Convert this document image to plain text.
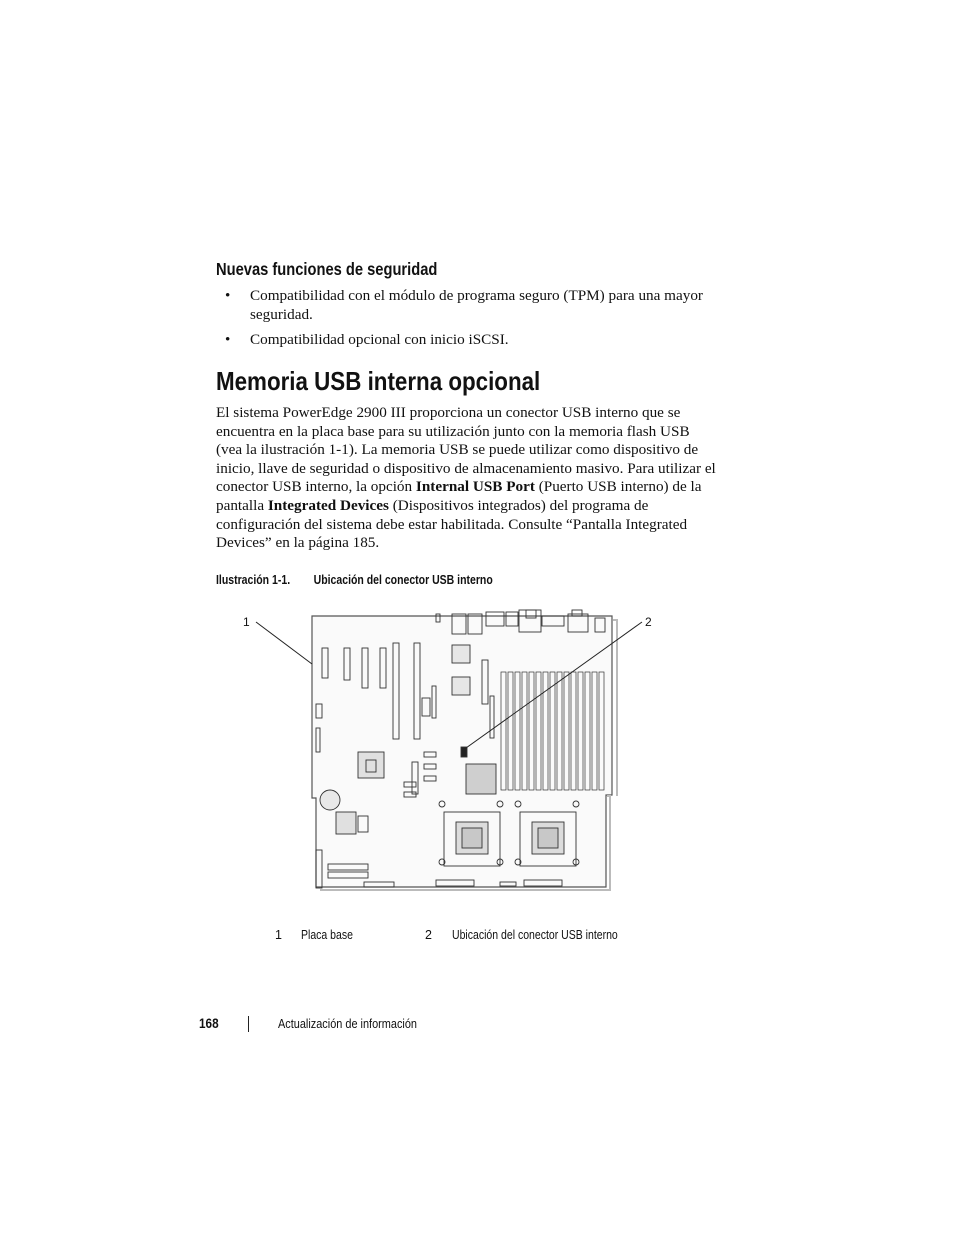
Nuevas funciones de seguridad
• Compatibilidad con el módulo de programa seguro (TPM) para una mayor seguridad.
• Compatibilidad opcional con inicio iSCSI.
Memoria USB interna opcional
El sistema PowerEdge 2900 III proporciona un conector USB interno que se encuentra en la placa base para su utilización junto con la memoria flash USB (vea la ilustración 1-1). La memoria USB se puede utilizar como dispositivo de inicio, llave de seguridad o dispositivo de almacenamiento masivo. Para utilizar el conector USB interno, la opción Internal USB Port (Puerto USB interno) de la pantalla Integrated Devices (Dispositivos integrados) del programa de configuración del sistema debe estar habilitada. Consulte “Pantalla Integrated Devices” en la página 185.
Ilustración 1-1. Ubicación del conector USB interno
1	2
1 Placa base	2 Ubicación del conector USB interno
168	Actualización de información
